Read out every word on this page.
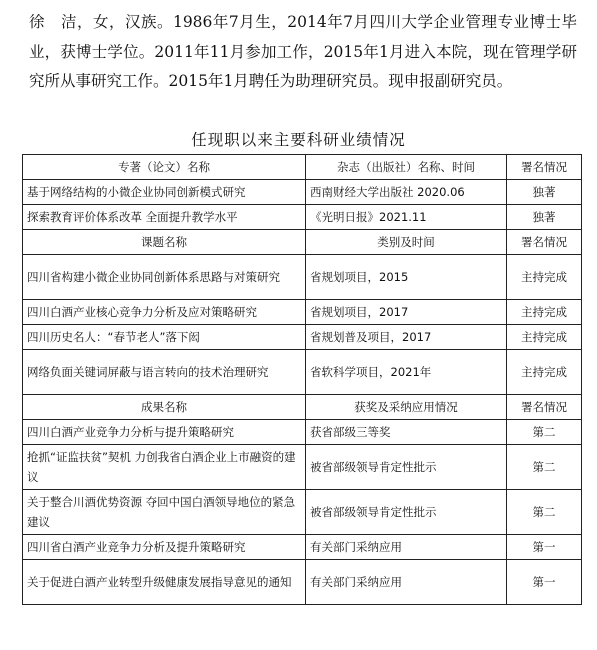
徐　洁，女，汉族。1986年7月生，2014年7月四川大学企业管理专业博士毕业，获博士学位。2011年11月参加工作，2015年1月进入本院，现在管理学研究所从事研究工作。2015年1月聘任为助理研究员。现申报副研究员。

任现职以来主要科研业绩情况
专著（论文）名称	杂志（出版社）名称、时间	署名情况
基于网络结构的小微企业协同创新模式研究	西南财经大学出版社 2020.06	独著
探索教育评价体系改革 全面提升教学水平	《光明日报》2021.11	独著
课题名称	类别及时间	署名情况
四川省构建小微企业协同创新体系思路与对策研究	省规划项目，2015	主持完成
四川白酒产业核心竞争力分析及应对策略研究	省规划项目，2017	主持完成
四川历史名人：“春节老人”落下闳	省规划普及项目，2017	主持完成
网络负面关键词屏蔽与语言转向的技术治理研究	省软科学项目，2021年	主持完成
成果名称	获奖及采纳应用情况	署名情况
四川白酒产业竞争力分析与提升策略研究	获省部级三等奖	第二
抢抓“证监扶贫”契机 力创我省白酒企业上市融资的建议	被省部级领导肯定性批示	第二
关于整合川酒优势资源 夺回中国白酒领导地位的紧急建议	被省部级领导肯定性批示	第二
四川省白酒产业竞争力分析及提升策略研究	有关部门采纳应用	第一
关于促进白酒产业转型升级健康发展指导意见的通知	有关部门采纳应用	第一
